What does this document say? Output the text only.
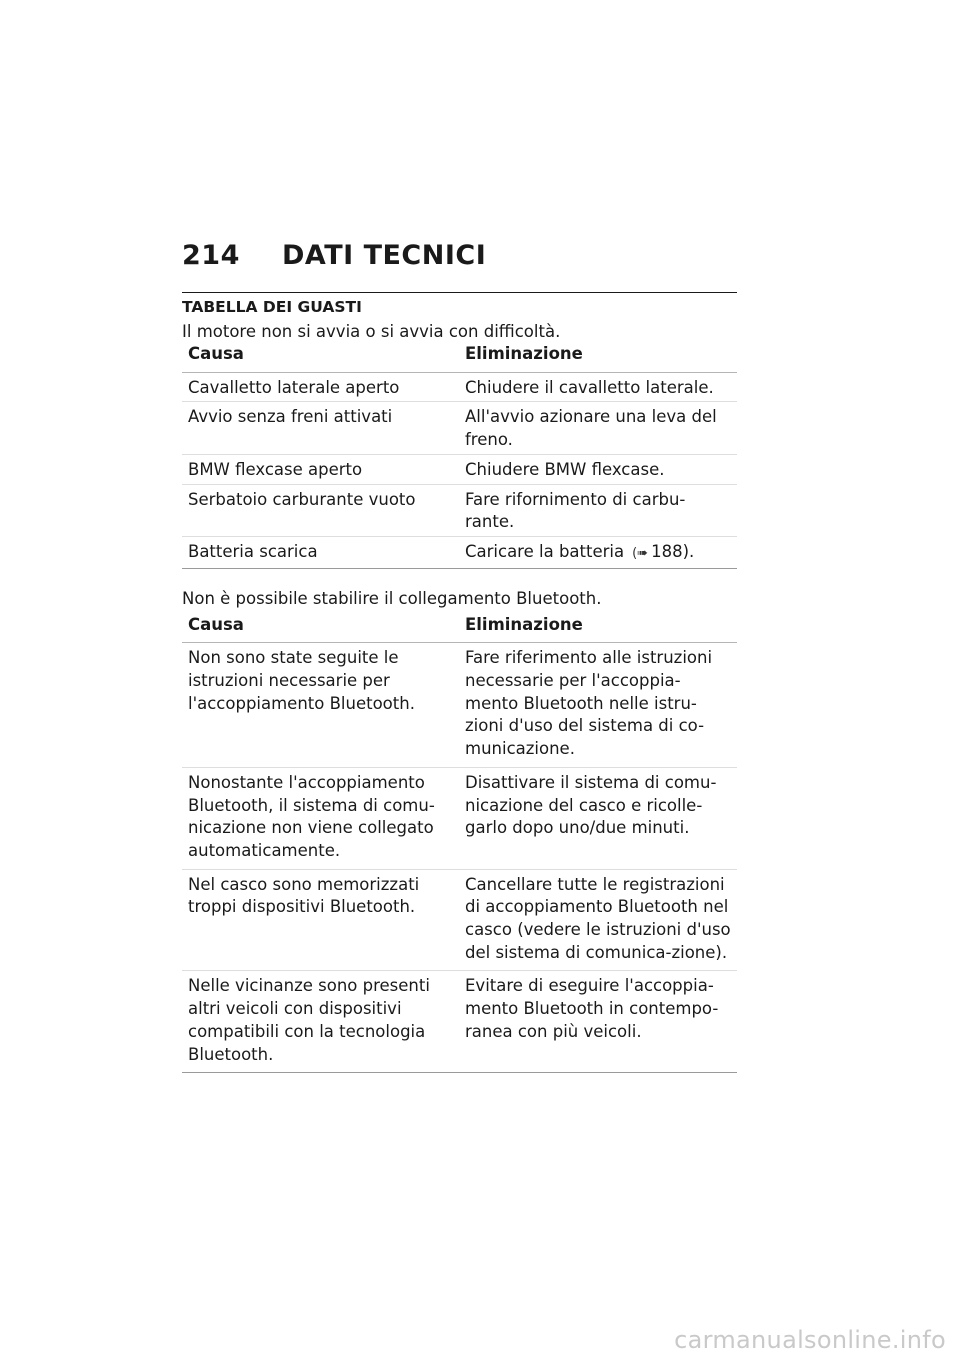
214	DATI TECNICI
TABELLA DEI GUASTI
Il motore non si avvia o si avvia con difficoltà.
Causa	Eliminazione
Cavalletto laterale aperto	Chiudere il cavalletto laterale.
Avvio senza freni attivati	All'avvio azionare una leva del freno.
BMW flexcase aperto	Chiudere BMW flexcase.
Serbatoio carburante vuoto	Fare rifornimento di carbu-rante.
Batteria scarica	Caricare la batteria (➠ 188).
Non è possibile stabilire il collegamento Bluetooth.
Causa	Eliminazione
Non sono state seguite le istruzioni necessarie per l'accoppiamento Bluetooth.	Fare riferimento alle istruzioni necessarie per l'accoppia-mento Bluetooth nelle istru-zioni d'uso del sistema di co-municazione.
Nonostante l'accoppiamento Bluetooth, il sistema di comu-nicazione non viene collegato automaticamente.	Disattivare il sistema di comu-nicazione del casco e ricolle-garlo dopo uno/due minuti.
Nel casco sono memorizzati troppi dispositivi Bluetooth.	Cancellare tutte le registrazioni di accoppiamento Bluetooth nel casco (vedere le istruzioni d'uso del sistema di comunica-zione).
Nelle vicinanze sono presenti altri veicoli con dispositivi compatibili con la tecnologia Bluetooth.	Evitare di eseguire l'accoppia-mento Bluetooth in contempo-ranea con più veicoli.
carmanualsonline.info
